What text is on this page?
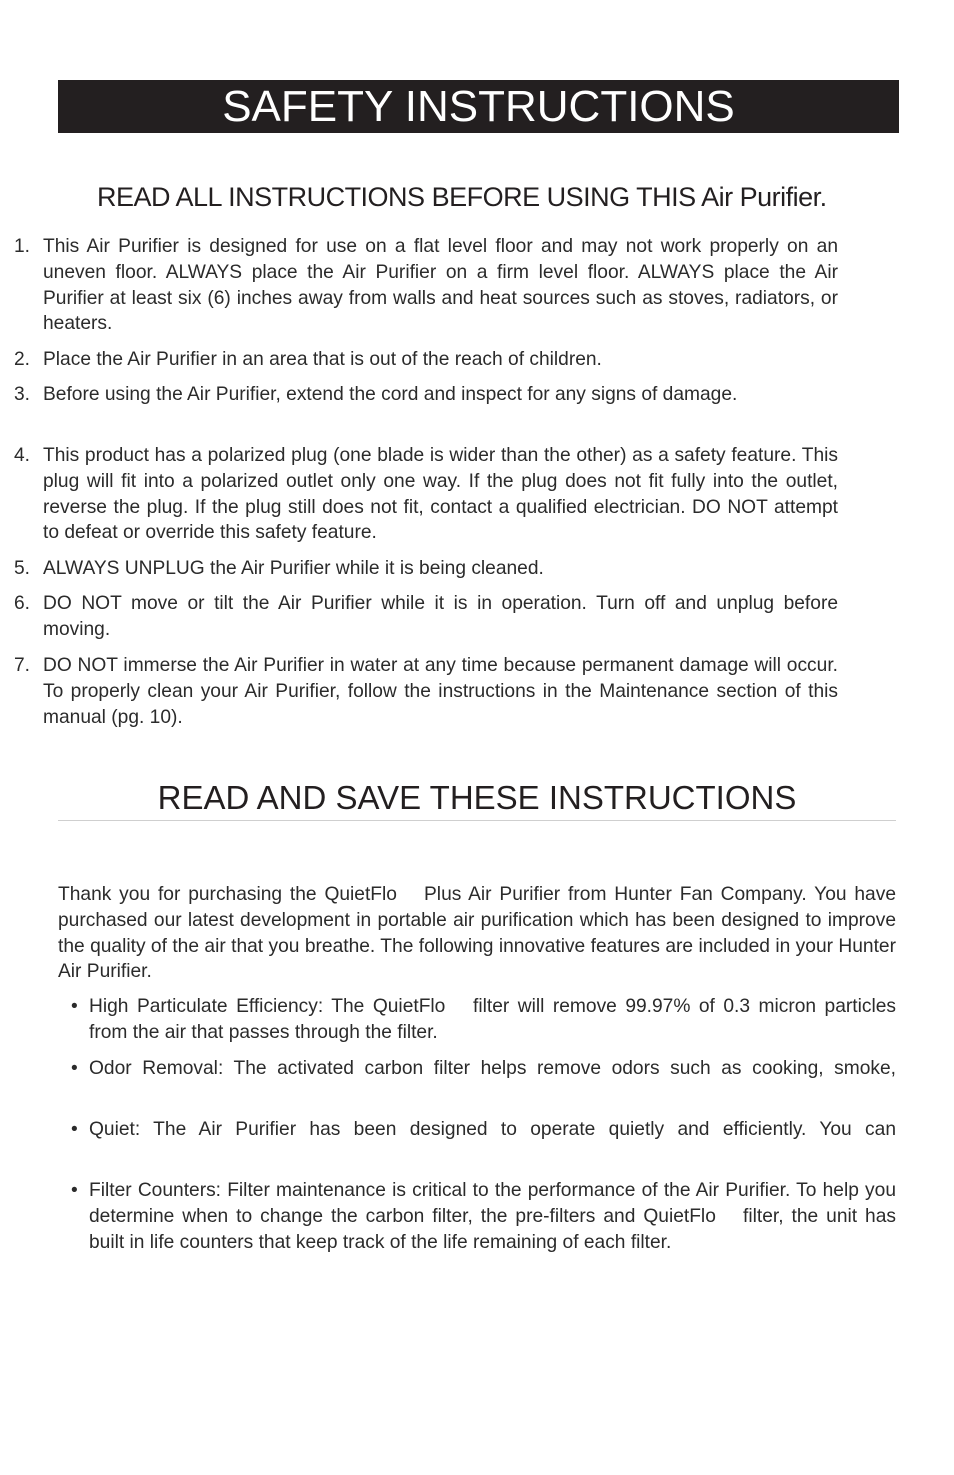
SAFETY INSTRUCTIONS
READ ALL INSTRUCTIONS BEFORE USING THIS Air Purifier.
1. This Air Purifier is designed for use on a flat level floor and may not work properly on an uneven floor. ALWAYS place the Air Purifier on a firm level floor. ALWAYS place the Air Purifier at least six (6) inches away from walls and heat sources such as stoves, radiators, or heaters.
2. Place the Air Purifier in an area that is out of the reach of children.
3. Before using the Air Purifier, extend the cord and inspect for any signs of damage.
4. This product has a polarized plug (one blade is wider than the other) as a safety feature. This plug will fit into a polarized outlet only one way. If the plug does not fit fully into the outlet, reverse the plug. If the plug still does not fit, contact a qualified electrician. DO NOT attempt to defeat or override this safety feature.
5. ALWAYS UNPLUG the Air Purifier while it is being cleaned.
6. DO NOT move or tilt the Air Purifier while it is in operation. Turn off and unplug before moving.
7. DO NOT immerse the Air Purifier in water at any time because permanent damage will occur. To properly clean your Air Purifier, follow the instructions in the Maintenance section of this manual (pg. 10).
READ AND SAVE THESE INSTRUCTIONS
Thank you for purchasing the QuietFlo  Plus Air Purifier from Hunter Fan Company. You have purchased our latest development in portable air purification which has been designed to improve the quality of the air that you breathe. The following innovative features are included in your Hunter Air Purifier.
• High Particulate Efficiency: The QuietFlo  filter will remove 99.97% of 0.3 micron particles from the air that passes through the filter.
• Odor Removal: The activated carbon filter helps remove odors such as cooking, smoke,
• Quiet: The Air Purifier has been designed to operate quietly and efficiently. You can
• Filter Counters: Filter maintenance is critical to the performance of the Air Purifier. To help you determine when to change the carbon filter, the pre-filters and QuietFlo  filter, the unit has built in life counters that keep track of the life remaining of each filter.
